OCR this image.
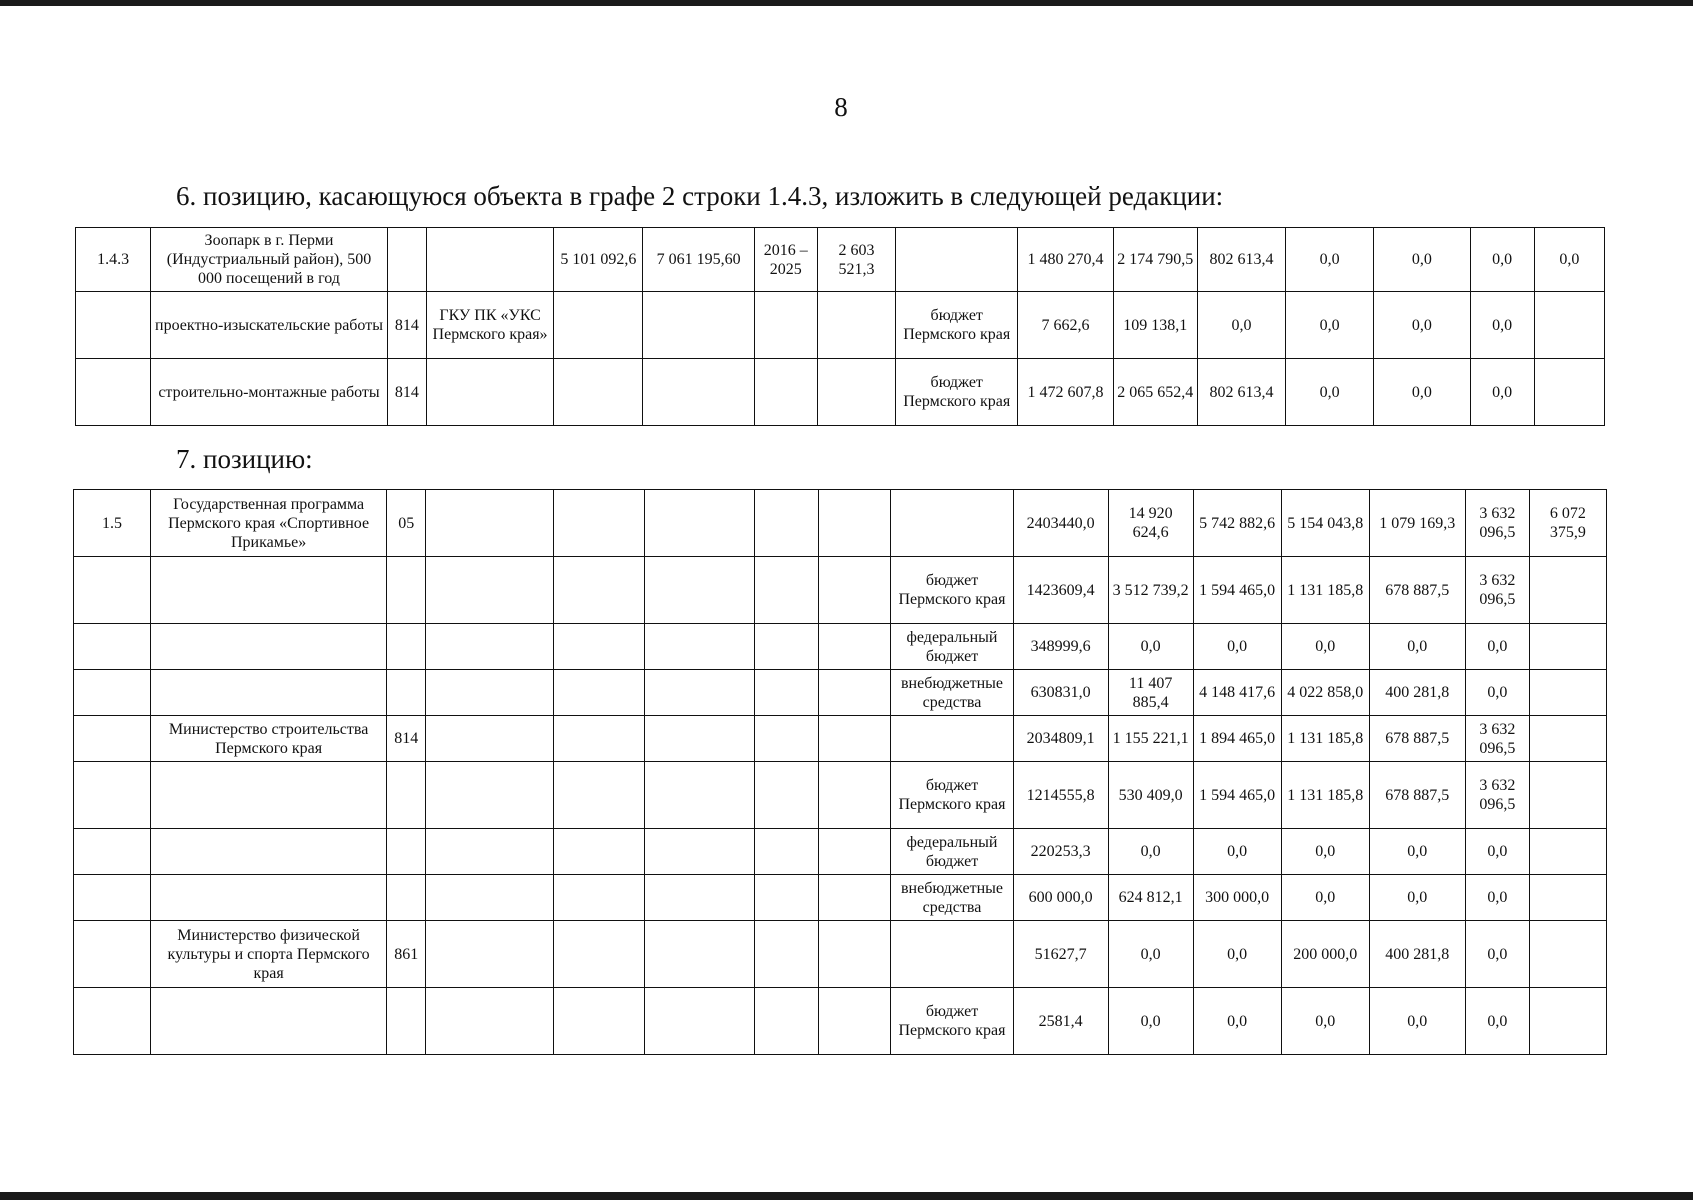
8
6. позицию, касающуюся объекта в графе 2 строки 1.4.3, изложить в следующей редакции:
1.4.3	Зоопарк в г. Перми (Индустриальный район), 500 000 посещений в год			5 101 092,6	7 061 195,60	2016 – 2025	2 603 521,3		1 480 270,4	2 174 790,5	802 613,4	0,0	0,0	0,0	0,0
	проектно-изыскательские работы	814	ГКУ ПК «УКС Пермского края»					бюджет Пермского края	7 662,6	109 138,1	0,0	0,0	0,0	0,0	
	строительно-монтажные работы	814						бюджет Пермского края	1 472 607,8	2 065 652,4	802 613,4	0,0	0,0	0,0	
7. позицию:
1.5	Государственная программа Пермского края «Спортивное Прикамье»	05							2403440,0	14 920 624,6	5 742 882,6	5 154 043,8	1 079 169,3	3 632 096,5	6 072 375,9
								бюджет Пермского края	1423609,4	3 512 739,2	1 594 465,0	1 131 185,8	678 887,5	3 632 096,5	
								федеральный бюджет	348999,6	0,0	0,0	0,0	0,0	0,0	
								внебюджетные средства	630831,0	11 407 885,4	4 148 417,6	4 022 858,0	400 281,8	0,0	
	Министерство строительства Пермского края	814							2034809,1	1 155 221,1	1 894 465,0	1 131 185,8	678 887,5	3 632 096,5	
								бюджет Пермского края	1214555,8	530 409,0	1 594 465,0	1 131 185,8	678 887,5	3 632 096,5	
								федеральный бюджет	220253,3	0,0	0,0	0,0	0,0	0,0	
								внебюджетные средства	600 000,0	624 812,1	300 000,0	0,0	0,0	0,0	
	Министерство физической культуры и спорта Пермского края	861							51627,7	0,0	0,0	200 000,0	400 281,8	0,0	
								бюджет Пермского края	2581,4	0,0	0,0	0,0	0,0	0,0	
